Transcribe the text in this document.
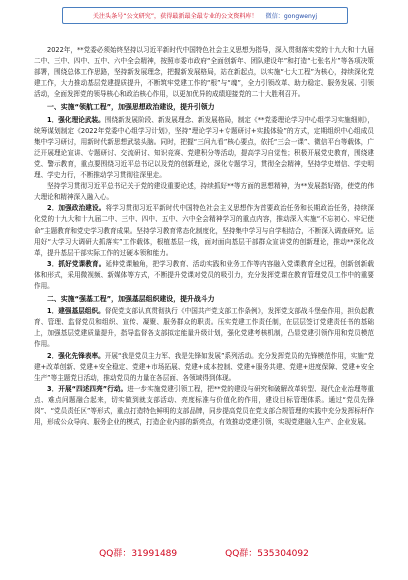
关注头条号“公文研究”，获得最新最全最专业的公文资料库！ 微信：gongwenyj

2022年，**党委必须始终坚持以习近平新时代中国特色社会主义思想为指导，深入贯彻落实党的十九大和十九届二中、三中、四中、五中、六中全会精神，按照市委市政府“全面创新年、团队建设年”和打造“七张名片”等各项决策部署，围绕总体工作思路，坚持新发展理念，把握新发展格局，站在新起点，以实施“七大工程”为核心，持续深化党建工作，大力推动基层党建提质提升，不断筑牢党建工作的“根”与“魂”，全力引领改革、助力稳定、服务发展、引领活动，全面发挥党的领导核心和政治核心作用，以更加优异的成绩迎接党的二十大胜利召开。

一、实施“领航工程”，加强思想政治建设，提升引领力

1．强化理论武装。围绕新发展阶段、新发展理念、新发展格局，制定《**党委理论学习中心组学习实施细则》，统筹谋划制定《2022年党委中心组学习计划》，坚持“理论学习+专题研讨+实践体验”的方式，定期组织中心组成员集中学习研讨，用新时代新思想武装头脑。同时，把握“三问九看”核心要点，依托“三会一课”、微信平台等载体，广泛开展理论宣讲、专题研讨、交流研讨、知识竞赛、党建积分等活动，提高学习自觉性；积极开展党史教育，围绕建党、警示教育，重点要围绕习近平总书记以及党的创新理论，深化专题学习，贯彻全会精神，坚持学史增信、学史明理、学史力行，不断推动学习贯彻往深里走。

坚持学习贯彻习近平总书记关于党的建设重要论述，持续抓好**等方面的思想精神，为**发展指好路，使党的伟大理论和精神深入融入心。

2．加强政治建设。将学习贯彻习近平新时代中国特色社会主义思想作为首要政治任务和长期政治任务，持续深化党的十九大和十九届二中、三中、四中、五中、六中全会精神学习的重点内容，推动深入实施“不忘初心、牢记使命”主题教育和党史学习教育成果。坚持学习教育常态化制度化，坚持集中学习与自学相结合，不断深入调查研究。运用好“大学习大调研大抓落实”工作载体，根植基层一线，面对面向基层干部群众宣讲党的创新理论，推动**深化改革，提升基层干部实际工作的过硬本领和能力。

3．抓好党课教育。延伸党课触角，把学习教育、活动实践和业务工作等内容融入党课教育全过程，创新创新载体和形式，采用微视频、新媒体等方式，不断提升党课对党员的吸引力，充分发挥党课在教育管理党员工作中的重要作用。

二、实施“强基工程”，加强基层组织建设，提升战斗力

1．建强基层组织。督促党支部认真贯彻执行《中国共产党支部工作条例》，发挥党支部战斗堡垒作用，担负起教育、管理、监督党员和组织、宣传、凝聚、服务群众的职责。压实党建工作责任制，在层层签订党建责任书的基础上，加强基层党建质量提升，指导监督各支部拟定能量升级计划，强化党建考核机制，凸显党建引领作用和党员模范作用。

2．强化先锋表率。开展“我是党员主力军、我是先锋如发展”系列活动。充分发挥党员的先锋模范作用，实施“党建+改革创新、党建+安全稳定、党建+市场拓展、党建+成本控制、党建+服务共建、党建+进度保障、党建+安全生产”等主题党日活动，推动党员的力量在各层面、各领域得到体现。

3．开展“四述四亮”行动。进一步实施党建引领工程，把**党的建设与研究和破解改革转型、现代企业治理等重点、难点问题融合起来，切实做到就支部活动、亮度标准与价值化的作用，建设目标管理体系。通过“党员先锋岗”、“党员责任区”等形式，重点打造特色鲜明的支部品牌，同步提高党员在党支部合规管理的实践中充分发挥标杆作用，形成公众导向、服务企业的模式，打造企业内部的新亮点，有效推动党建引领，实现党建融入生产、企业发展。

QQ群：31991489	QQ群：535304092
